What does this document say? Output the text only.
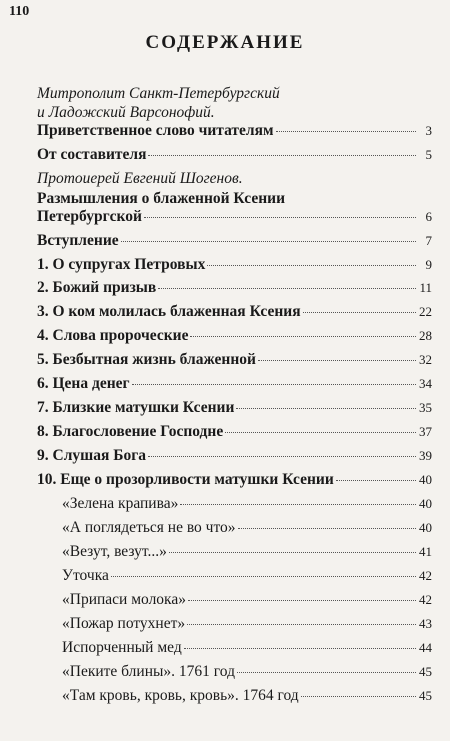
110
СОДЕРЖАНИЕ
Митрополит Санкт-Петербургский
и Ладожский Варсонофий.
Приветственное слово читателям	3
От составителя	5
Протоиерей Евгений Шогенов.
Размышления о блаженной Ксении
Петербургской	6
Вступление	7
1. О супругах Петровых	9
2. Божий призыв	11
3. О ком молилась блаженная Ксения	22
4. Слова пророческие	28
5. Безбытная жизнь блаженной	32
6. Цена денег	34
7. Близкие матушки Ксении	35
8. Благословение Господне	37
9. Слушая Бога	39
10. Еще о прозорливости матушки Ксении	40
«Зелена крапива»	40
«А поглядеться не во что»	40
«Везут, везут...»	41
Уточка	42
«Припаси молока»	42
«Пожар потухнет»	43
Испорченный мед	44
«Пеките блины». 1761 год	45
«Там кровь, кровь, кровь». 1764 год	45
